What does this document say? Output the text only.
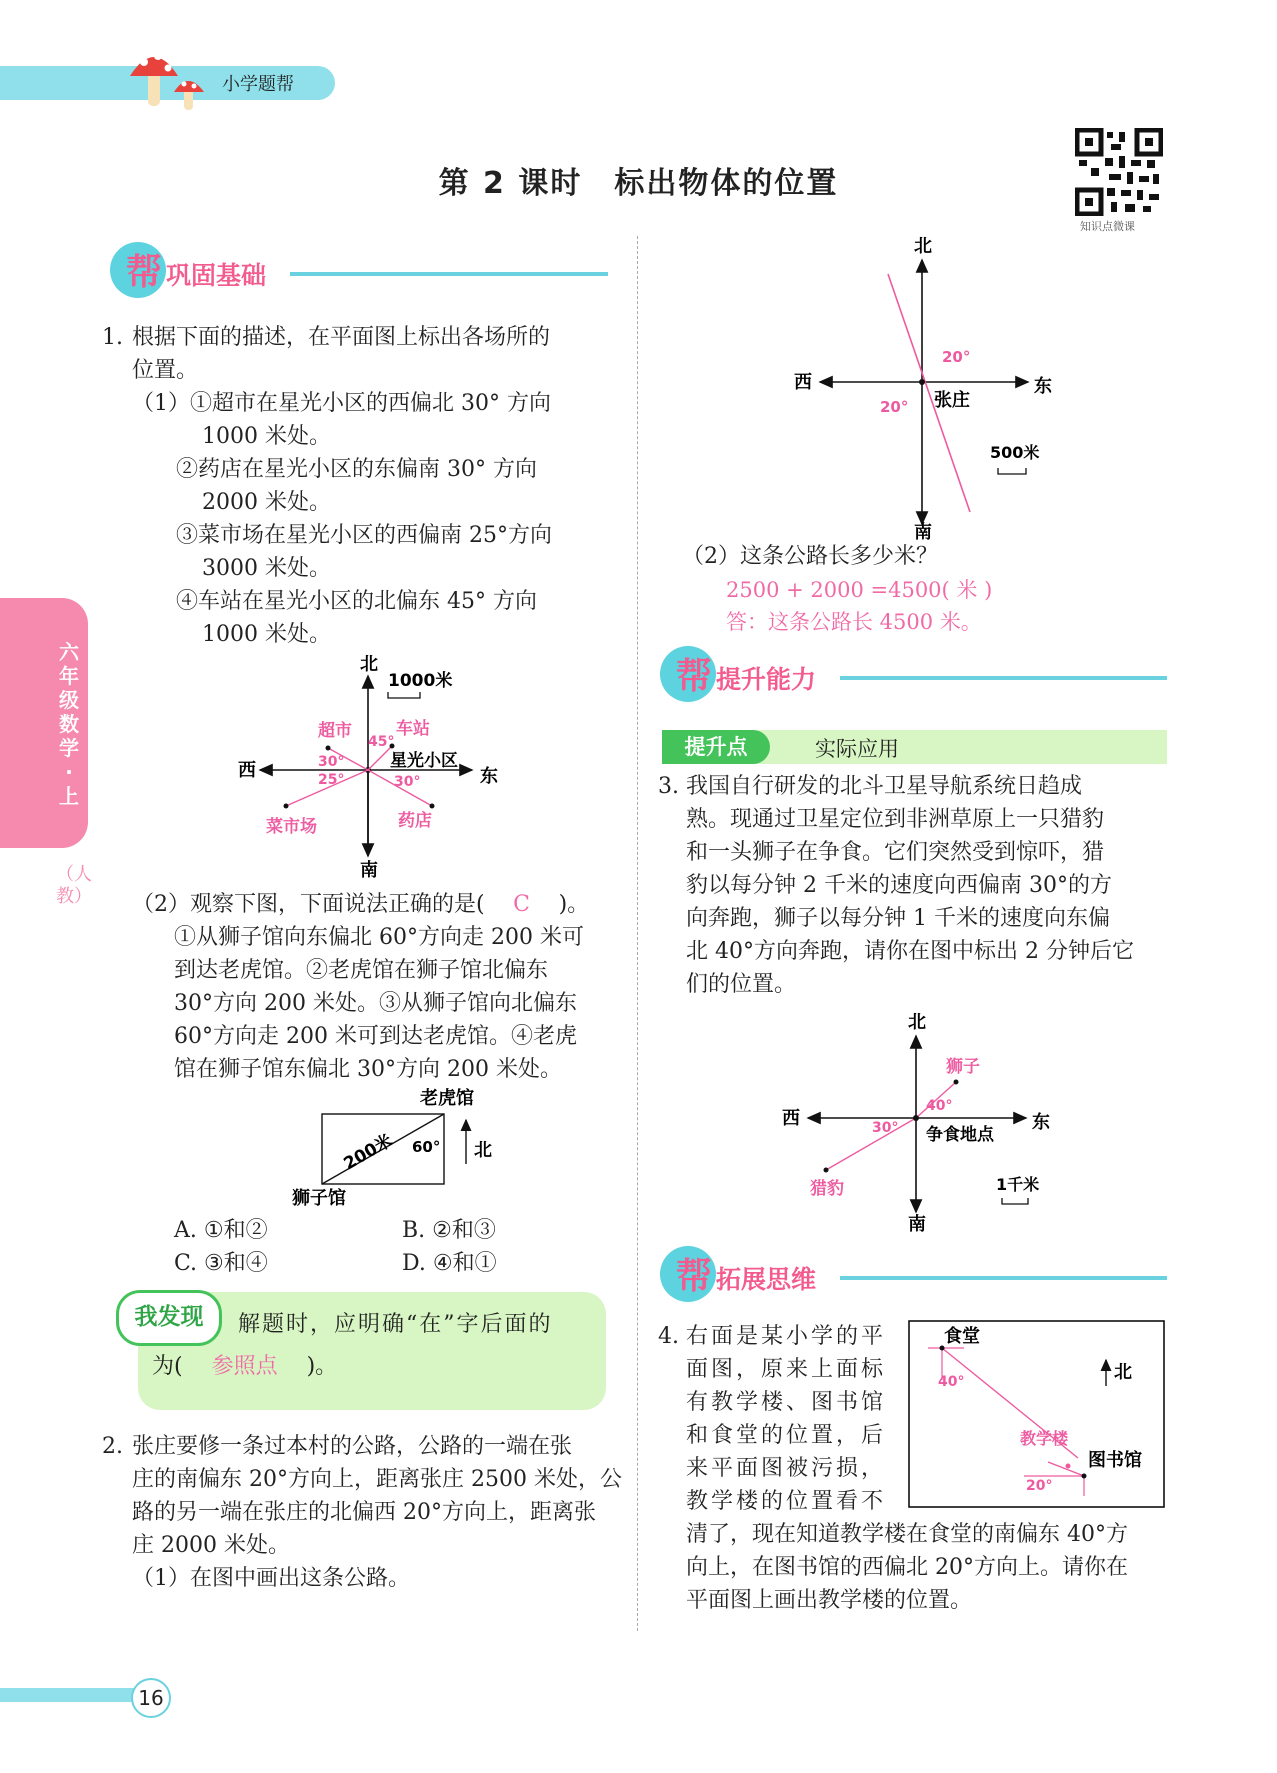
小学题帮
第 2 课时　标出物体的位置
知识点微课
六年级数学·上
（人教）
帮 巩固基础
1. 根据下面的描述，在平面图上标出各场所的
位置。
（1）①超市在星光小区的西偏北 30° 方向
1000 米处。
②药店在星光小区的东偏南 30° 方向
2000 米处。
③菜市场在星光小区的西偏南 25°方向
3000 米处。
④车站在星光小区的北偏东 45° 方向
1000 米处。
北
南
西	东
1000米
星光小区
超市	车站
药店
菜市场
30°
45°
25°	30°
（2）观察下图，下面说法正确的是( C )。
①从狮子馆向东偏北 60°方向走 200 米可
到达老虎馆。②老虎馆在狮子馆北偏东
30°方向 200 米处。③从狮子馆向北偏东
60°方向走 200 米可到达老虎馆。④老虎
馆在狮子馆东偏北 30°方向 200 米处。
老虎馆
狮子馆
200米 60° 北
A. ①和②	B. ②和③
C. ③和④	D. ④和①
我发现	解题时，应明确“在”字后面的
为( 参照点 )。
2. 张庄要修一条过本村的公路，公路的一端在张
庄的南偏东 20°方向上，距离张庄 2500 米处，公
路的另一端在张庄的北偏西 20°方向上，距离张
庄 2000 米处。
（1）在图中画出这条公路。
北
南
西	东
张庄
20°
20°
500米
（2）这条公路长多少米？
2500 + 2000 =4500( 米 )
答：这条公路长 4500 米。
帮 提升能力
提升点	实际应用
3. 我国自行研发的北斗卫星导航系统日趋成
熟。现通过卫星定位到非洲草原上一只猎豹
和一头狮子在争食。它们突然受到惊吓，猎
豹以每分钟 2 千米的速度向西偏南 30°的方
向奔跑，狮子以每分钟 1 千米的速度向东偏
北 40°方向奔跑，请你在图中标出 2 分钟后它
们的位置。
北
南
西	东
争食地点
狮子
猎豹
40°
30°
1千米
帮 拓展思维
4. 右面是某小学的平
面图，原来上面标
有教学楼、图书馆
和食堂的位置，后
来平面图被污损，
教学楼的位置看不
清了，现在知道教学楼在食堂的南偏东 40°方
向上，在图书馆的西偏北 20°方向上。请你在
平面图上画出教学楼的位置。
食堂
图书馆
教学楼
北
40°
20°
16
